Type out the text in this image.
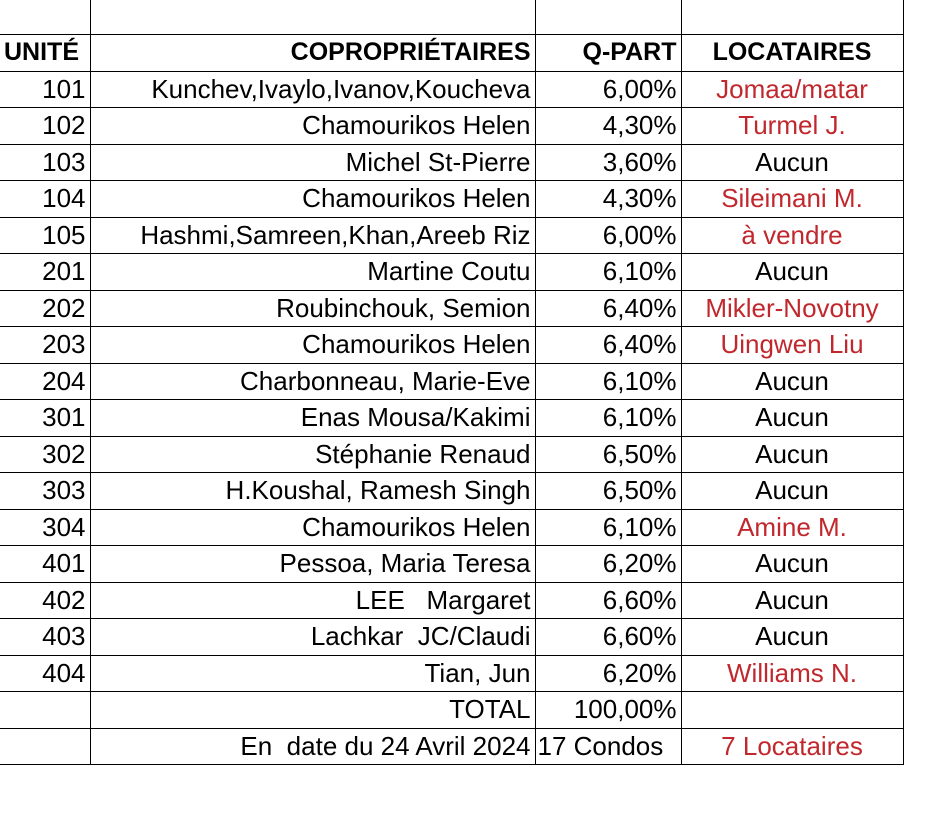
UNITÉ	COPROPRIÉTAIRES	Q-PART	LOCATAIRES
101	Kunchev,Ivaylo,Ivanov,Koucheva	6,00%	Jomaa/matar
102	Chamourikos Helen	4,30%	Turmel J.
103	Michel St-Pierre	3,60%	Aucun
104	Chamourikos Helen	4,30%	Sileimani M.
105	Hashmi,Samreen,Khan,Areeb Riz	6,00%	à vendre
201	Martine Coutu	6,10%	Aucun
202	Roubinchouk, Semion	6,40%	Mikler-Novotny
203	Chamourikos Helen	6,40%	Uingwen Liu
204	Charbonneau, Marie-Eve	6,10%	Aucun
301	Enas Mousa/Kakimi	6,10%	Aucun
302	Stéphanie Renaud	6,50%	Aucun
303	H.Koushal, Ramesh Singh	6,50%	Aucun
304	Chamourikos Helen	6,10%	Amine M.
401	Pessoa, Maria Teresa	6,20%	Aucun
402	LEE   Margaret	6,60%	Aucun
403	Lachkar  JC/Claudi	6,60%	Aucun
404	Tian, Jun	6,20%	Williams N.
	TOTAL	100,00%	
	En  date du 24 Avril 2024	17 Condos	7 Locataires
